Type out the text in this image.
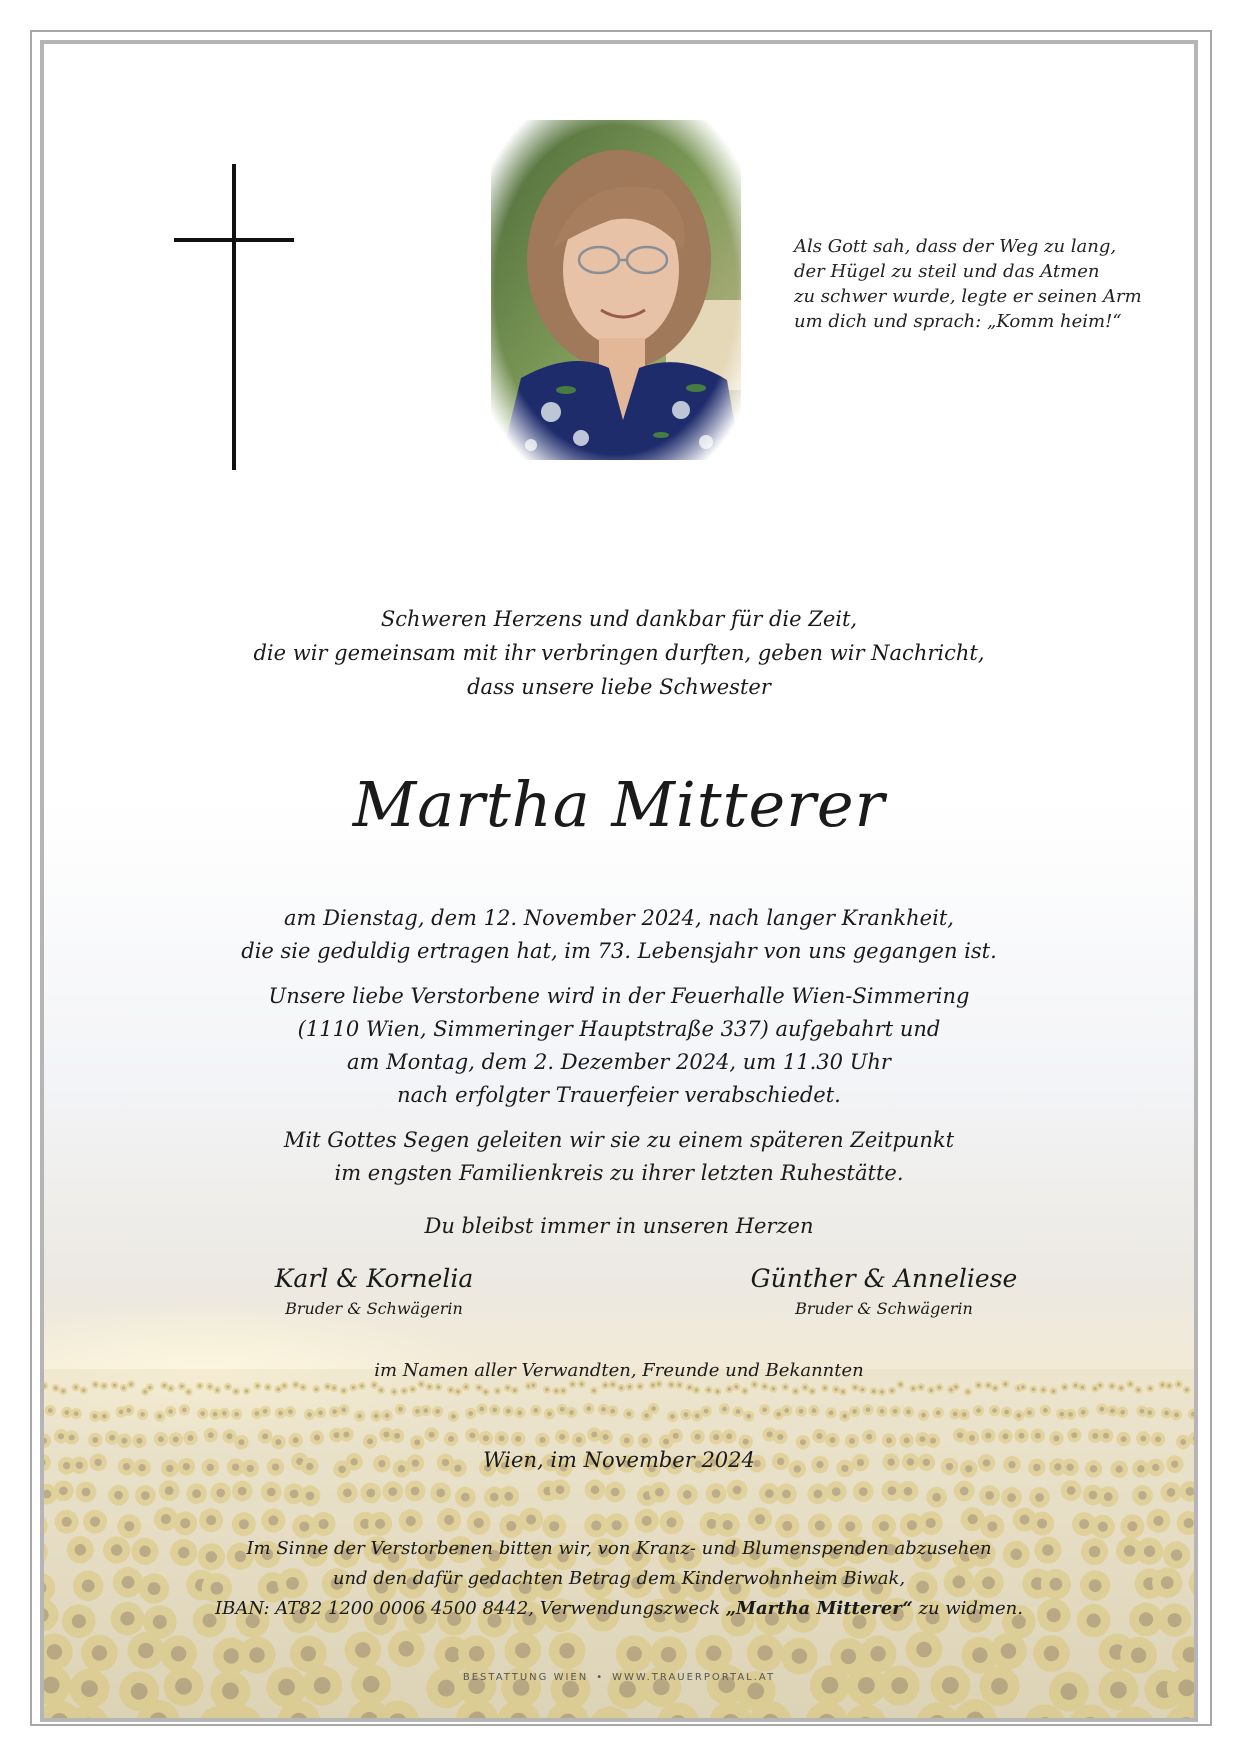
Als Gott sah, dass der Weg zu lang,
der Hügel zu steil und das Atmen
zu schwer wurde, legte er seinen Arm
um dich und sprach: „Komm heim!“
Schweren Herzens und dankbar für die Zeit,
die wir gemeinsam mit ihr verbringen durften, geben wir Nachricht,
dass unsere liebe Schwester
Martha Mitterer
am Dienstag, dem 12. November 2024, nach langer Krankheit,
die sie geduldig ertragen hat, im 73. Lebensjahr von uns gegangen ist.
Unsere liebe Verstorbene wird in der Feuerhalle Wien-Simmering
(1110 Wien, Simmeringer Hauptstraße 337) aufgebahrt und
am Montag, dem 2. Dezember 2024, um 11.30 Uhr
nach erfolgter Trauerfeier verabschiedet.
Mit Gottes Segen geleiten wir sie zu einem späteren Zeitpunkt
im engsten Familienkreis zu ihrer letzten Ruhestätte.
Du bleibst immer in unseren Herzen
Karl & Kornelia
Bruder & Schwägerin
Günther & Anneliese
Bruder & Schwägerin
im Namen aller Verwandten, Freunde und Bekannten
Wien, im November 2024
Im Sinne der Verstorbenen bitten wir, von Kranz- und Blumenspenden abzusehen
und den dafür gedachten Betrag dem Kinderwohnheim Biwak,
IBAN: AT82 1200 0006 4500 8442, Verwendungszweck „Martha Mitterer“ zu widmen.
BESTATTUNG WIEN • WWW.TRAUERPORTAL.AT
